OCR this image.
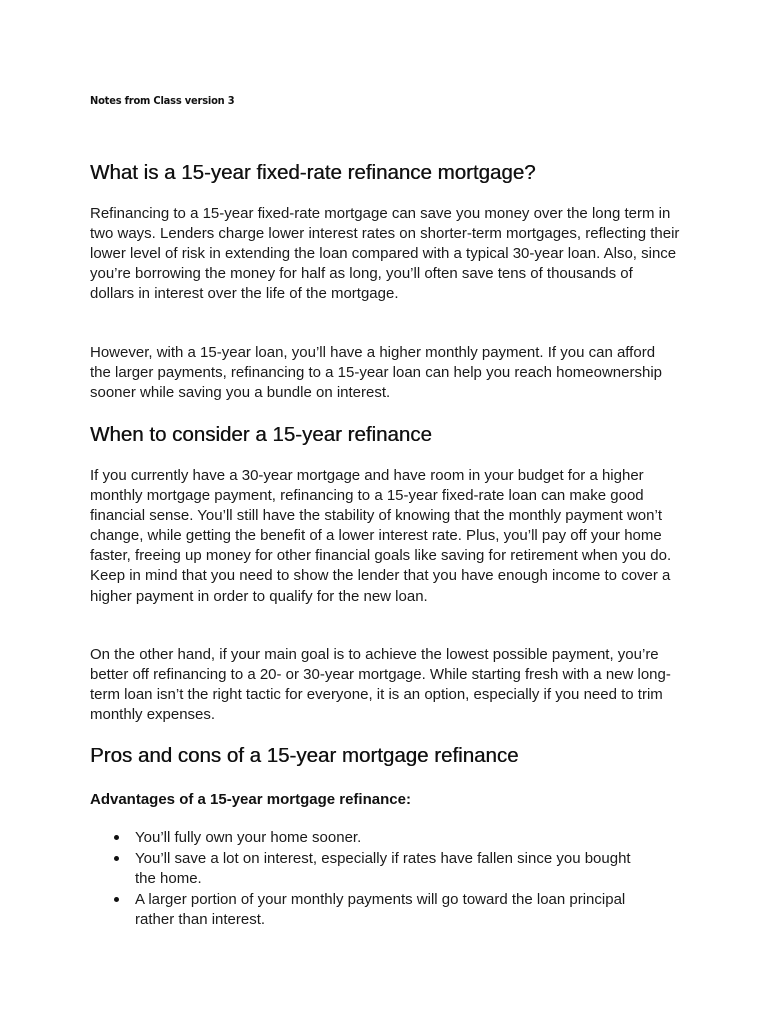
Notes from Class version 3
What is a 15-year fixed-rate refinance mortgage?

Refinancing to a 15-year fixed-rate mortgage can save you money over the long term in two ways. Lenders charge lower interest rates on shorter-term mortgages, reflecting their lower level of risk in extending the loan compared with a typical 30-year loan. Also, since you’re borrowing the money for half as long, you’ll often save tens of thousands of dollars in interest over the life of the mortgage.

However, with a 15-year loan, you’ll have a higher monthly payment. If you can afford the larger payments, refinancing to a 15-year loan can help you reach homeownership sooner while saving you a bundle on interest.

When to consider a 15-year refinance

If you currently have a 30-year mortgage and have room in your budget for a higher monthly mortgage payment, refinancing to a 15-year fixed-rate loan can make good financial sense. You’ll still have the stability of knowing that the monthly payment won’t change, while getting the benefit of a lower interest rate. Plus, you’ll pay off your home faster, freeing up money for other financial goals like saving for retirement when you do. Keep in mind that you need to show the lender that you have enough income to cover a higher payment in order to qualify for the new loan.

On the other hand, if your main goal is to achieve the lowest possible payment, you’re better off refinancing to a 20- or 30-year mortgage. While starting fresh with a new long-term loan isn’t the right tactic for everyone, it is an option, especially if you need to trim monthly expenses.

Pros and cons of a 15-year mortgage refinance
Advantages of a 15-year mortgage refinance:
You’ll fully own your home sooner.
You’ll save a lot on interest, especially if rates have fallen since you bought the home.
A larger portion of your monthly payments will go toward the loan principal rather than interest.
